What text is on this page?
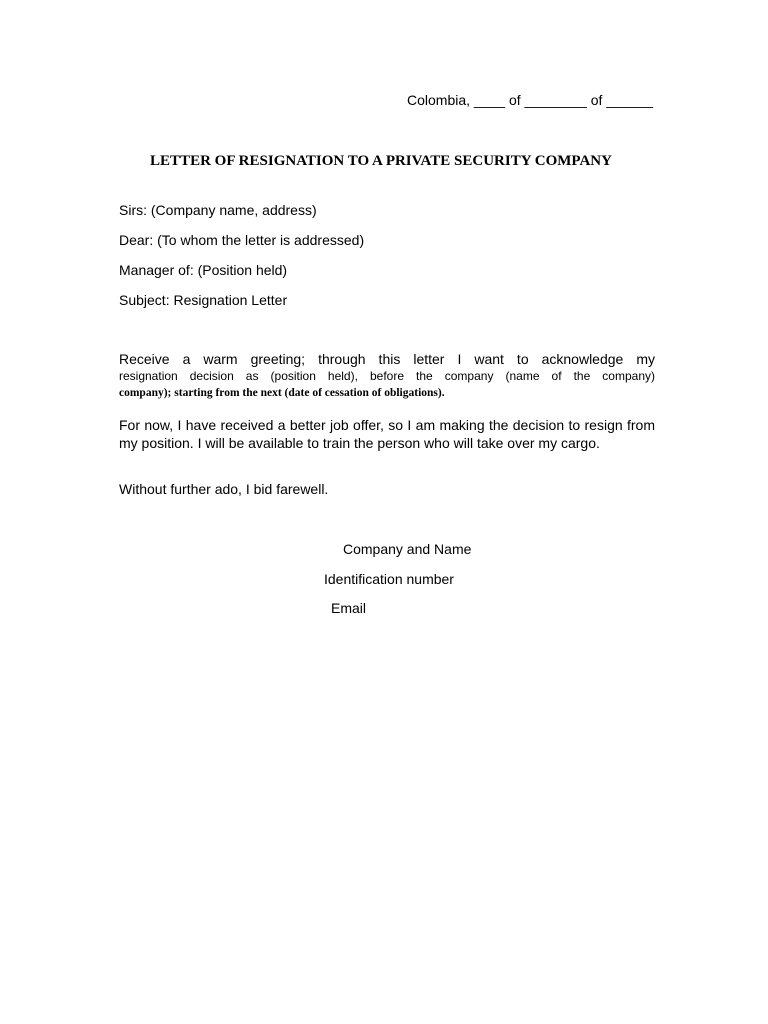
Colombia, ____ of ________ of ______

LETTER OF RESIGNATION TO A PRIVATE SECURITY COMPANY

Sirs: (Company name, address)

Dear: (To whom the letter is addressed)

Manager of: (Position held)

Subject: Resignation Letter

Receive a warm greeting; through this letter I want to acknowledge my
resignation decision as (position held), before the company (name of the company)
company); starting from the next (date of cessation of obligations).

For now, I have received a better job offer, so I am making the decision to resign from my position. I will be available to train the person who will take over my cargo.

Without further ado, I bid farewell.

Company and Name

Identification number

Email
